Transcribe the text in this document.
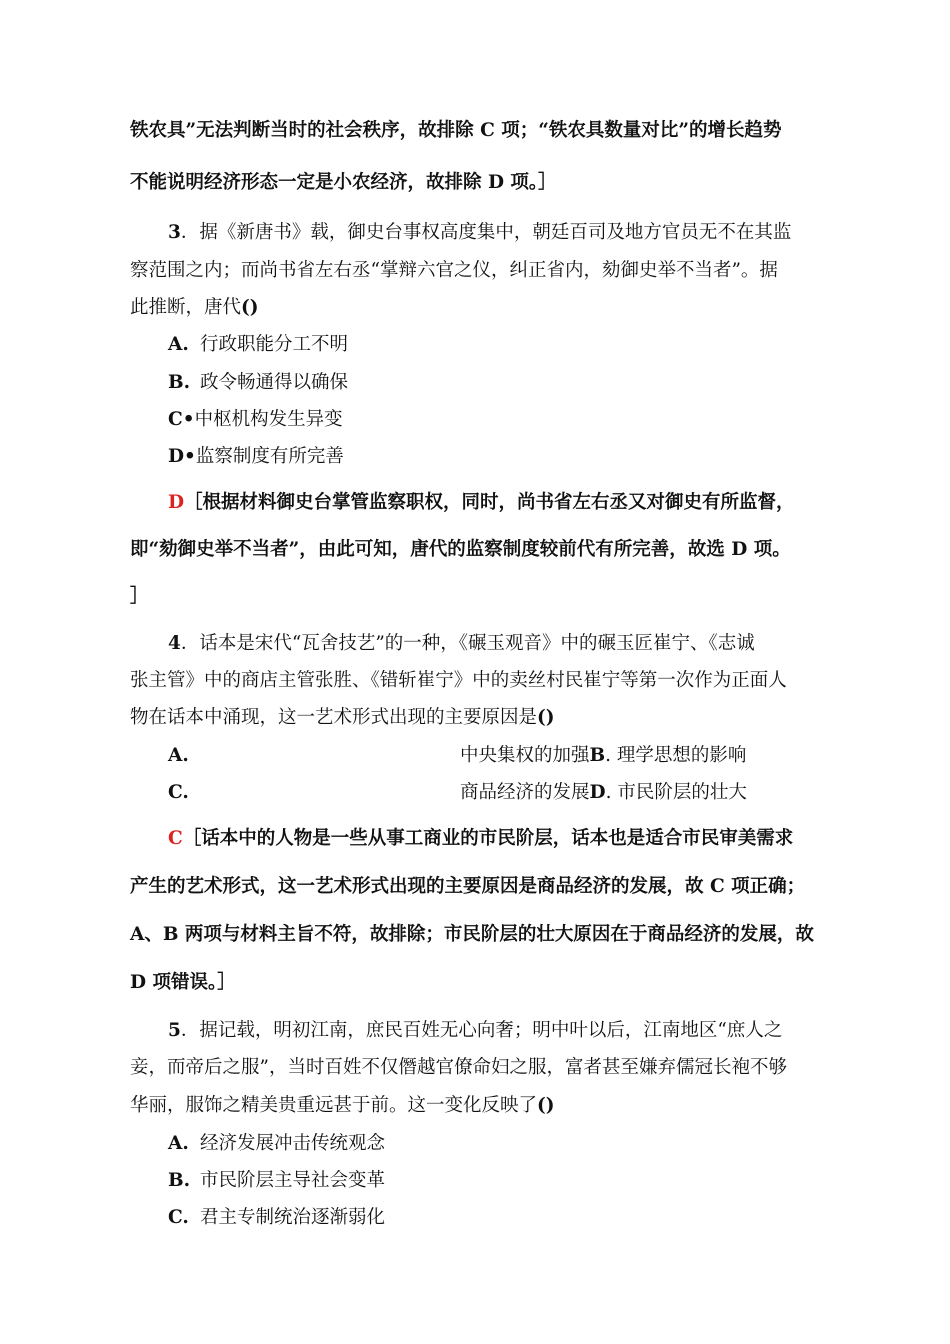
铁农具”无法判断当时的社会秩序，故排除 C 项；“铁农具数量对比”的增长趋势
不能说明经济形态一定是小农经济，故排除 D 项。］
3．据《新唐书》载，御史台事权高度集中，朝廷百司及地方官员无不在其监
察范围之内；而尚书省左右丞“掌辩六官之仪，纠正省内，劾御史举不当者”。据
此推断，唐代()
A. 行政职能分工不明
B. 政令畅通得以确保
C•中枢机构发生异变
D•监察制度有所完善
D［根据材料御史台掌管监察职权，同时，尚书省左右丞又对御史有所监督，
即“劾御史举不当者”，由此可知，唐代的监察制度较前代有所完善，故选 D 项。
］
4．话本是宋代“瓦舍技艺”的一种，《碾玉观音》中的碾玉匠崔宁、《志诚
张主管》中的商店主管张胜、《错斩崔宁》中的卖丝村民崔宁等第一次作为正面人
物在话本中涌现，这一艺术形式出现的主要原因是()
A.	中央集权的加强B. 理学思想的影响
C.	商品经济的发展D. 市民阶层的壮大
C［话本中的人物是一些从事工商业的市民阶层，话本也是适合市民审美需求
产生的艺术形式，这一艺术形式出现的主要原因是商品经济的发展，故 C 项正确；
A、B 两项与材料主旨不符，故排除；市民阶层的壮大原因在于商品经济的发展，故
D 项错误。］
5．据记载，明初江南，庶民百姓无心向奢；明中叶以后，江南地区“庶人之
妾，而帝后之服”，当时百姓不仅僭越官僚命妇之服，富者甚至嫌弃儒冠长袍不够
华丽，服饰之精美贵重远甚于前。这一变化反映了()
A. 经济发展冲击传统观念
B. 市民阶层主导社会变革
C. 君主专制统治逐渐弱化
